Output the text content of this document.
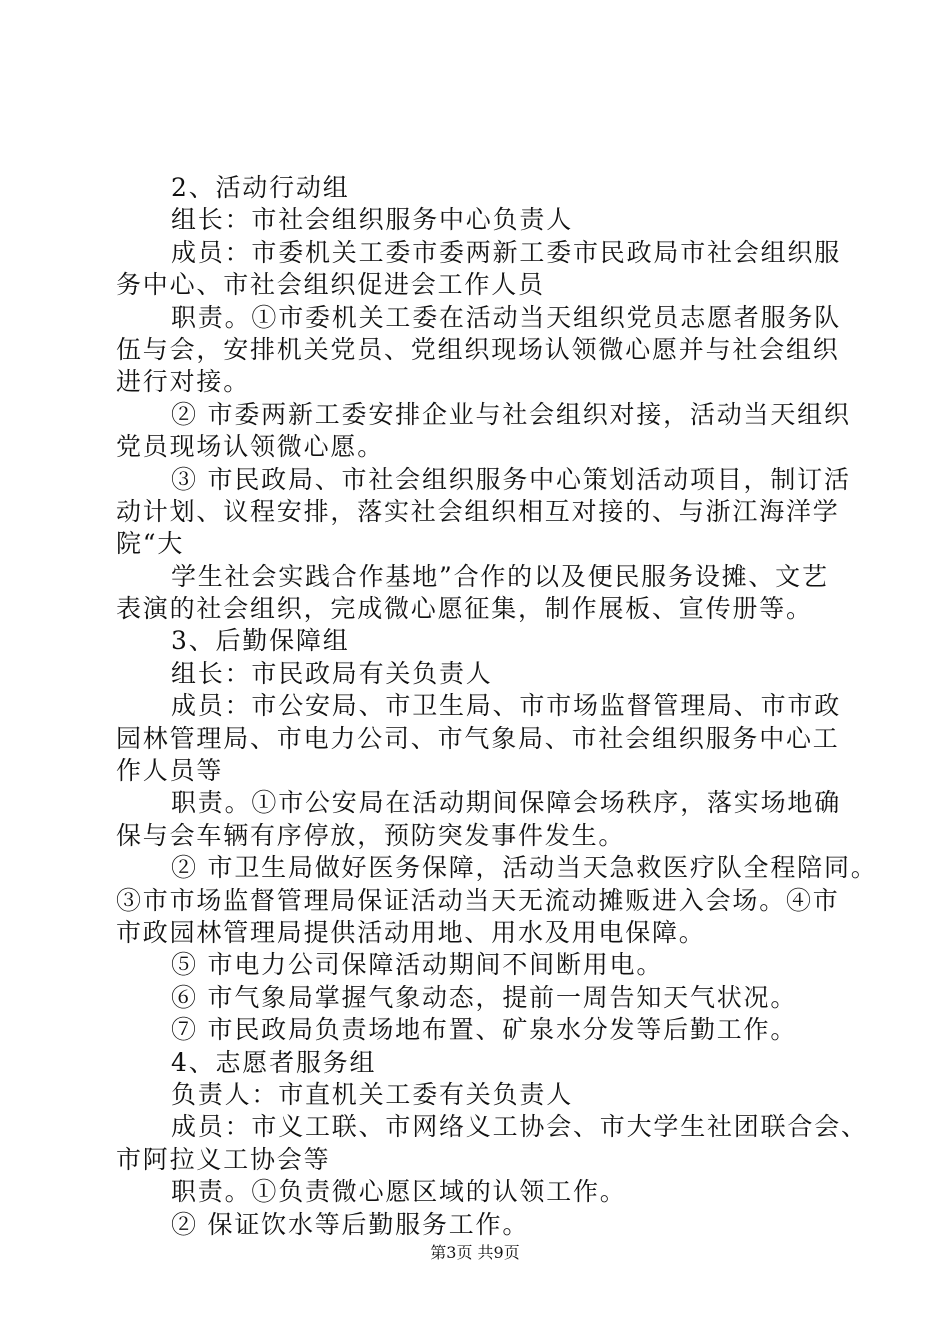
2、活动行动组
组长：市社会组织服务中心负责人
成员：市委机关工委市委两新工委市民政局市社会组织服
务中心、市社会组织促进会工作人员
职责。①市委机关工委在活动当天组织党员志愿者服务队
伍与会，安排机关党员、党组织现场认领微心愿并与社会组织
进行对接。
② 市委两新工委安排企业与社会组织对接，活动当天组织
党员现场认领微心愿。
③ 市民政局、市社会组织服务中心策划活动项目，制订活
动计划、议程安排，落实社会组织相互对接的、与浙江海洋学
院“大
学生社会实践合作基地”合作的以及便民服务设摊、文艺
表演的社会组织，完成微心愿征集，制作展板、宣传册等。
3、后勤保障组
组长：市民政局有关负责人
成员：市公安局、市卫生局、市市场监督管理局、市市政
园林管理局、市电力公司、市气象局、市社会组织服务中心工
作人员等
职责。①市公安局在活动期间保障会场秩序，落实场地确
保与会车辆有序停放，预防突发事件发生。
② 市卫生局做好医务保障，活动当天急救医疗队全程陪同。
③市市场监督管理局保证活动当天无流动摊贩进入会场。④市
市政园林管理局提供活动用地、用水及用电保障。
⑤ 市电力公司保障活动期间不间断用电。
⑥ 市气象局掌握气象动态，提前一周告知天气状况。
⑦ 市民政局负责场地布置、矿泉水分发等后勤工作。
4、志愿者服务组
负责人：市直机关工委有关负责人
成员：市义工联、市网络义工协会、市大学生社团联合会、
市阿拉义工协会等
职责。①负责微心愿区域的认领工作。
② 保证饮水等后勤服务工作。
第3页 共9页
